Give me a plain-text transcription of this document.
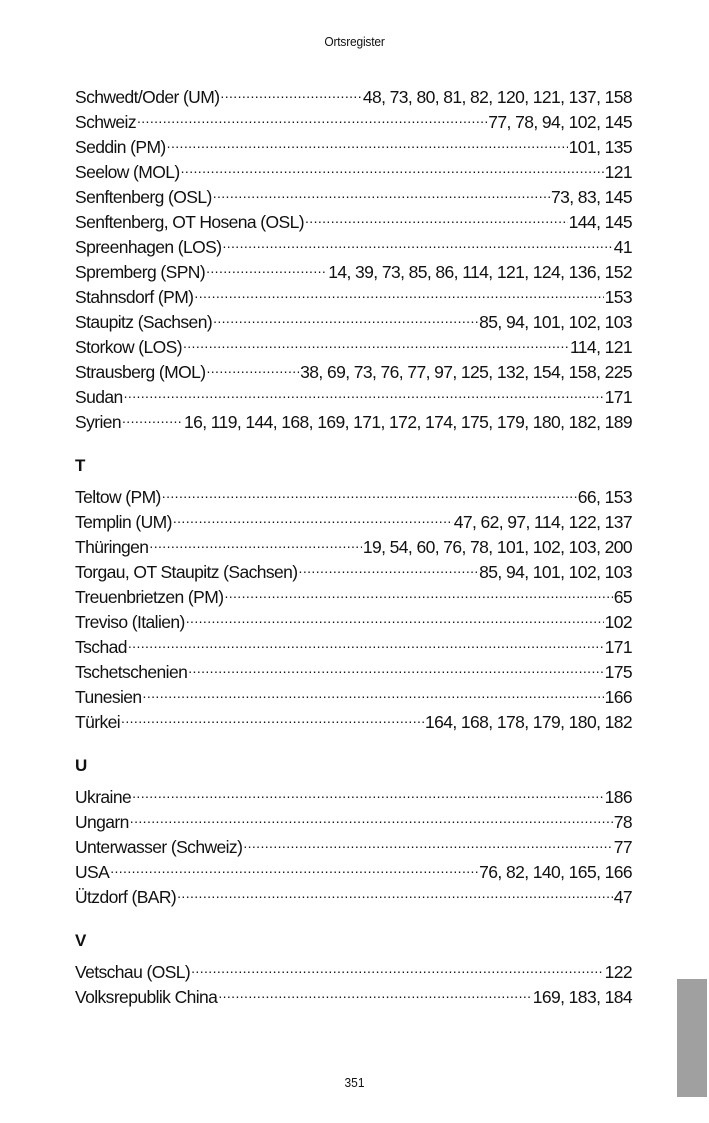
Ortsregister
Schwedt/Oder (UM) .....	48, 73, 80, 81, 82, 120, 121, 137, 158
Schweiz .....	77, 78, 94, 102, 145
Seddin (PM) .....	101, 135
Seelow (MOL) .....	121
Senftenberg (OSL) .....	73, 83, 145
Senftenberg, OT Hosena (OSL) .....	144, 145
Spreenhagen (LOS) .....	41
Spremberg (SPN) .....	14, 39, 73, 85, 86, 114, 121, 124, 136, 152
Stahnsdorf (PM) .....	153
Staupitz (Sachsen) .....	85, 94, 101, 102, 103
Storkow (LOS) .....	114, 121
Strausberg (MOL) .....	38, 69, 73, 76, 77, 97, 125, 132, 154, 158, 225
Sudan .....	171
Syrien .....	16, 119, 144, 168, 169, 171, 172, 174, 175, 179, 180, 182, 189
T
Teltow (PM) .....	66, 153
Templin (UM) .....	47, 62, 97, 114, 122, 137
Thüringen .....	19, 54, 60, 76, 78, 101, 102, 103, 200
Torgau, OT Staupitz (Sachsen) .....	85, 94, 101, 102, 103
Treuenbrietzen (PM) .....	65
Treviso (Italien) .....	102
Tschad .....	171
Tschetschenien .....	175
Tunesien .....	166
Türkei .....	164, 168, 178, 179, 180, 182
U
Ukraine .....	186
Ungarn .....	78
Unterwasser (Schweiz) .....	77
USA .....	76, 82, 140, 165, 166
Ützdorf (BAR) .....	47
V
Vetschau (OSL) .....	122
Volksrepublik China .....	169, 183, 184
351
